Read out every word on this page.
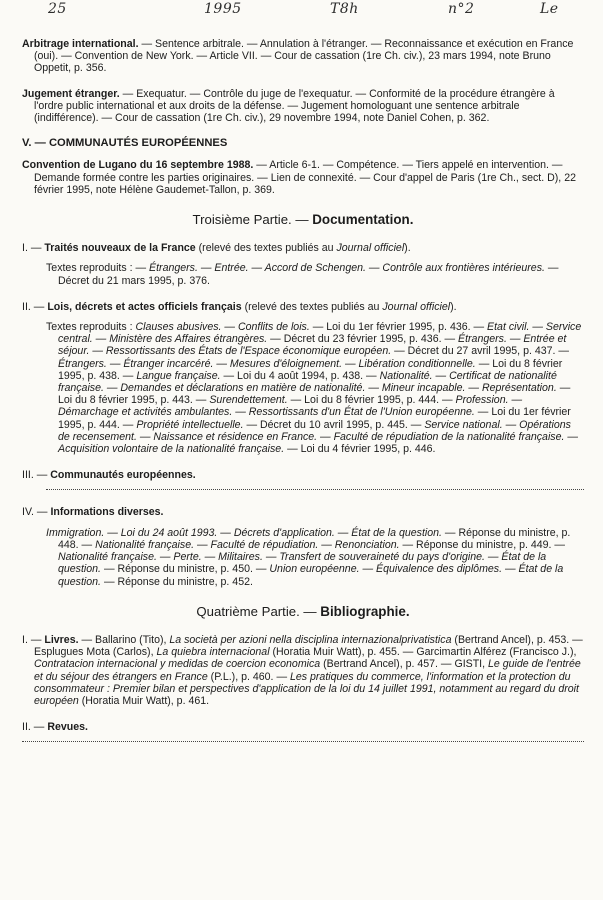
25	1995	T8h	n°2	Le

Arbitrage international. — Sentence arbitrale. — Annulation à l'étranger. — Reconnaissance et exécution en France (oui). — Convention de New York. — Article VII. — Cour de cassation (1re Ch. civ.), 23 mars 1994, note Bruno Oppetit, p. 356.

Jugement étranger. — Exequatur. — Contrôle du juge de l'exequatur. — Conformité de la procédure étrangère à l'ordre public international et aux droits de la défense. — Jugement homologuant une sentence arbitrale (indifférence). — Cour de cassation (1re Ch. civ.), 29 novembre 1994, note Daniel Cohen, p. 362.

V. — COMMUNAUTÉS EUROPÉENNES

Convention de Lugano du 16 septembre 1988. — Article 6-1. — Compétence. — Tiers appelé en intervention. — Demande formée contre les parties originaires. — Lien de connexité. — Cour d'appel de Paris (1re Ch., sect. D), 22 février 1995, note Hélène Gaudemet-Tallon, p. 369.

Troisième Partie. — Documentation.

I. — Traités nouveaux de la France (relevé des textes publiés au Journal officiel).

Textes reproduits : — Étrangers. — Entrée. — Accord de Schengen. — Contrôle aux frontières intérieures. — Décret du 21 mars 1995, p. 376.

II. — Lois, décrets et actes officiels français (relevé des textes publiés au Journal officiel).

Textes reproduits : Clauses abusives. — Conflits de lois. — Loi du 1er février 1995, p. 436. — Etat civil. — Service central. — Ministère des Affaires étrangères. — Décret du 23 février 1995, p. 436. — Étrangers. — Entrée et séjour. — Ressortissants des États de l'Espace économique européen. — Décret du 27 avril 1995, p. 437. — Étrangers. — Étranger incarcéré. — Mesures d'éloignement. — Libération conditionnelle. — Loi du 8 février 1995, p. 438. — Langue française. — Loi du 4 août 1994, p. 438. — Nationalité. — Certificat de nationalité française. — Demandes et déclarations en matière de nationalité. — Mineur incapable. — Représentation. — Loi du 8 février 1995, p. 443. — Surendettement. — Loi du 8 février 1995, p. 444. — Profession. — Démarchage et activités ambulantes. — Ressortissants d'un État de l'Union européenne. — Loi du 1er février 1995, p. 444. — Propriété intellectuelle. — Décret du 10 avril 1995, p. 445. — Service national. — Opérations de recensement. — Naissance et résidence en France. — Faculté de répudiation de la nationalité française. — Acquisition volontaire de la nationalité française. — Loi du 4 février 1995, p. 446.

III. — Communautés européennes.

IV. — Informations diverses.

Immigration. — Loi du 24 août 1993. — Décrets d'application. — État de la question. — Réponse du ministre, p. 448. — Nationalité française. — Faculté de répudiation. — Renonciation. — Réponse du ministre, p. 449. — Nationalité française. — Perte. — Militaires. — Transfert de souveraineté du pays d'origine. — État de la question. — Réponse du ministre, p. 450. — Union européenne. — Équivalence des diplômes. — État de la question. — Réponse du ministre, p. 452.

Quatrième Partie. — Bibliographie.

I. — Livres. — Ballarino (Tito), La società per azioni nella disciplina internazionalprivatistica (Bertrand Ancel), p. 453. — Esplugues Mota (Carlos), La quiebra internacional (Horatia Muir Watt), p. 455. — Garcimartin Alférez (Francisco J.), Contratacion internacional y medidas de coercion economica (Bertrand Ancel), p. 457. — GISTI, Le guide de l'entrée et du séjour des étrangers en France (P.L.), p. 460. — Les pratiques du commerce, l'information et la protection du consommateur : Premier bilan et perspectives d'application de la loi du 14 juillet 1991, notamment au regard du droit européen (Horatia Muir Watt), p. 461.

II. — Revues.
